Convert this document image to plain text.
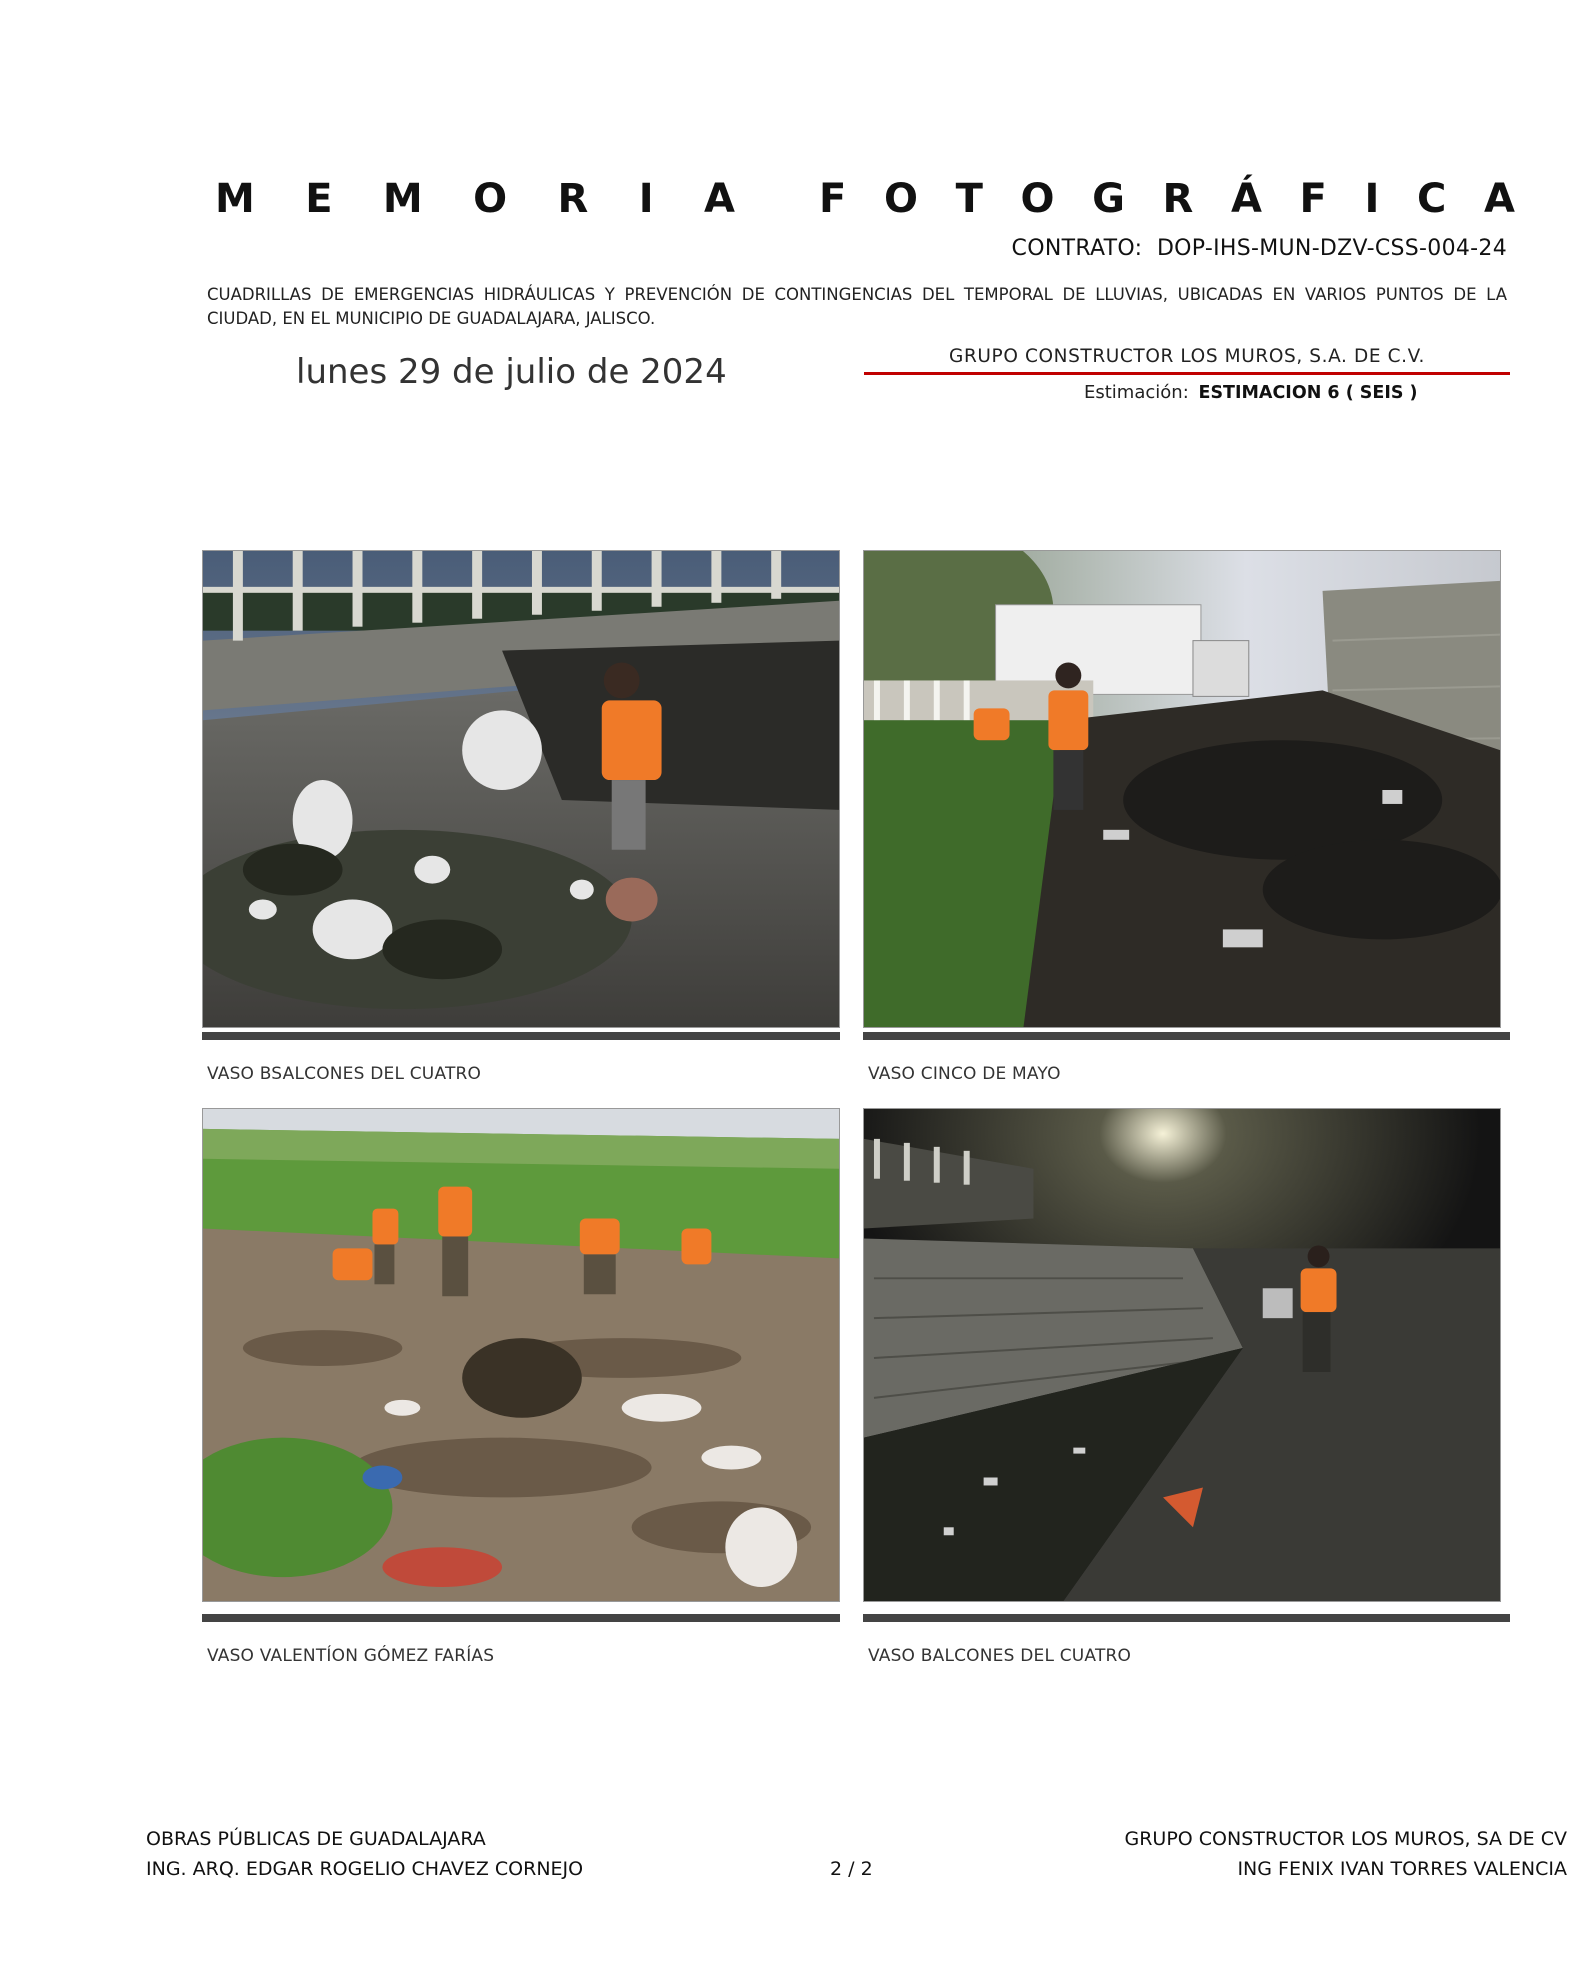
M E M O R I A F O T O G R Á F I C A
CONTRATO: DOP-IHS-MUN-DZV-CSS-004-24
CUADRILLAS DE EMERGENCIAS HIDRÁULICAS Y PREVENCIÓN DE CONTINGENCIAS DEL TEMPORAL DE LLUVIAS, UBICADAS EN VARIOS PUNTOS DE LA CIUDAD, EN EL MUNICIPIO DE GUADALAJARA, JALISCO.
lunes 29 de julio de 2024	GRUPO CONSTRUCTOR LOS MUROS, S.A. DE C.V.
Estimación: ESTIMACION 6 ( SEIS )
VASO BSALCONES DEL CUATRO	VASO CINCO DE MAYO
VASO VALENTÍON GÓMEZ FARÍAS	VASO BALCONES DEL CUATRO
OBRAS PÚBLICAS DE GUADALAJARA
ING. ARQ. EDGAR ROGELIO CHAVEZ CORNEJO	2 / 2
GRUPO CONSTRUCTOR LOS MUROS, SA DE CV
ING FENIX IVAN TORRES VALENCIA
